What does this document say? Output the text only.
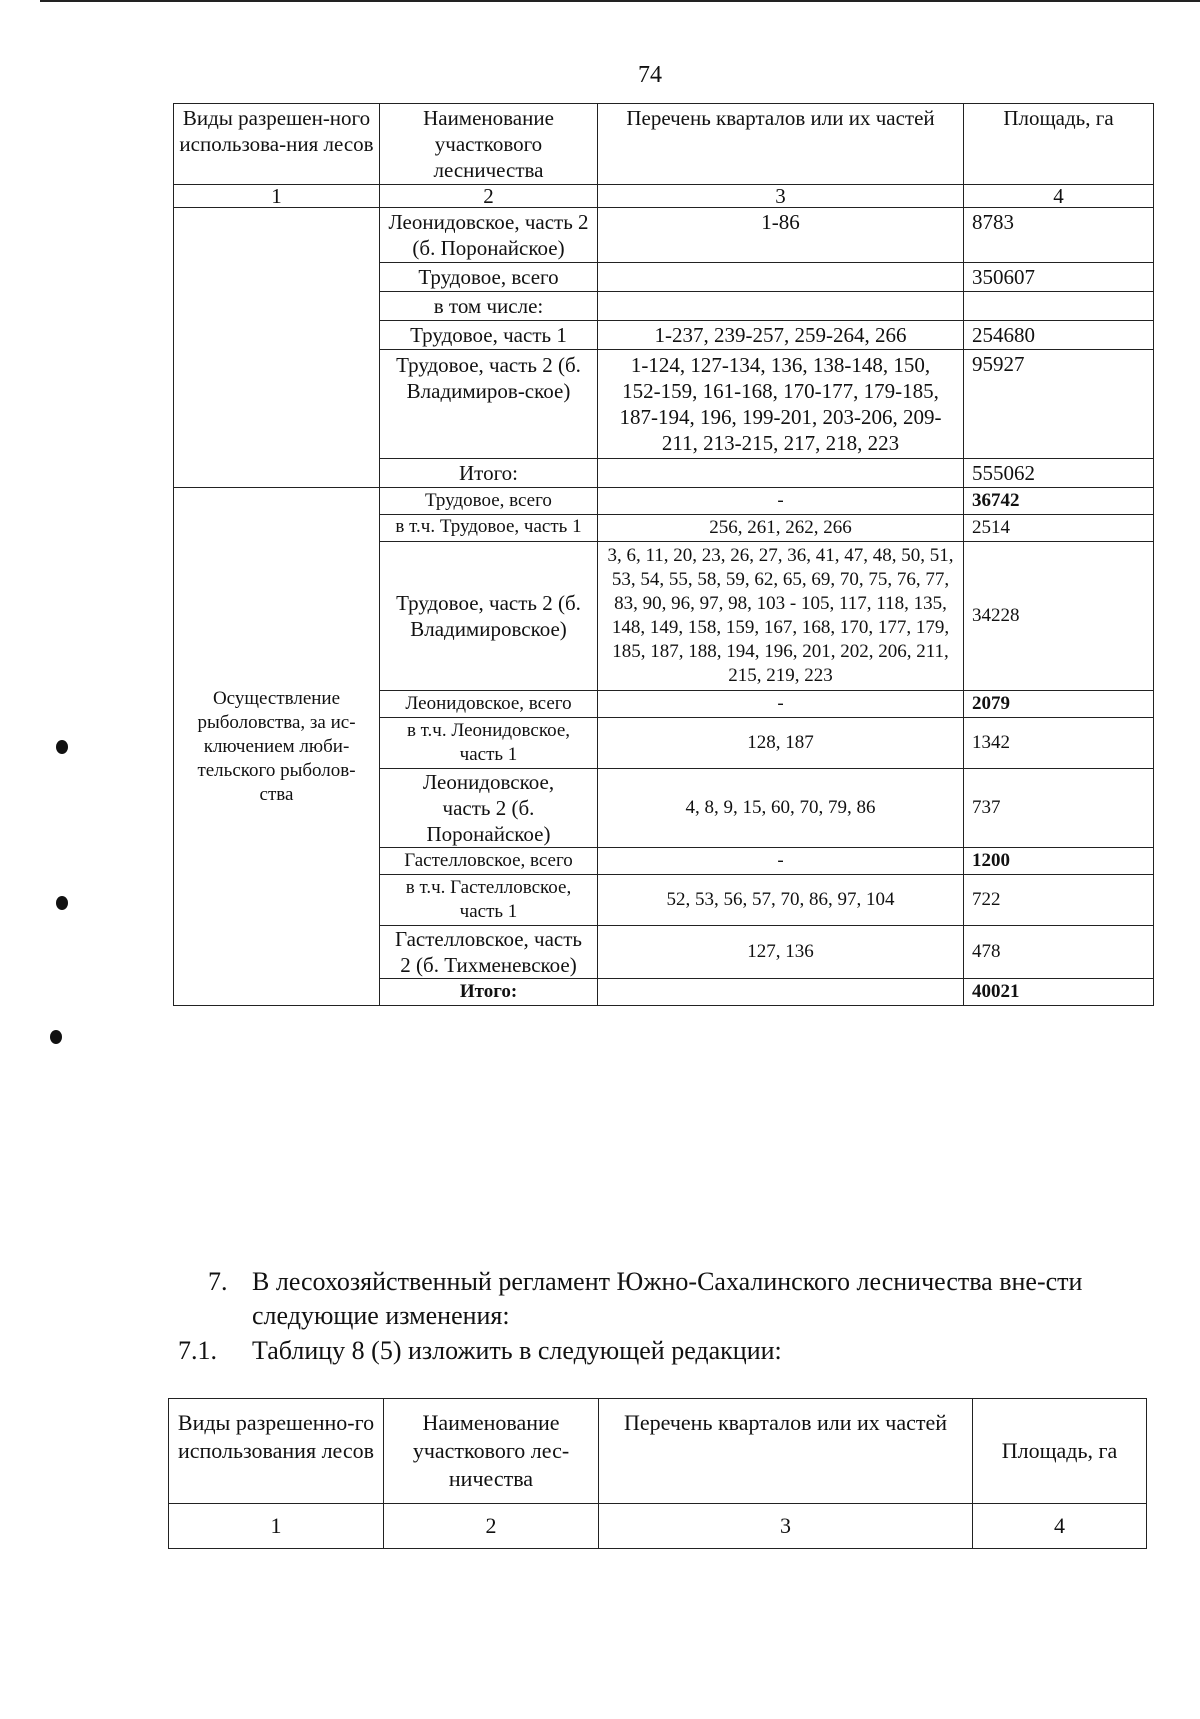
74
Виды разрешен-ного использова-ния лесов	Наименование участкового лесничества	Перечень кварталов или их частей	Площадь, га
1	2	3	4
	Леонидовское, часть 2 (б. Поронайское)	1-86	8783
	Трудовое, всего		350607
	в том числе:		
	Трудовое, часть 1	1-237, 239-257, 259-264, 266	254680
	Трудовое, часть 2 (б. Владимиров-ское)	1-124, 127-134, 136, 138-148, 150, 152-159, 161-168, 170-177, 179-185, 187-194, 196, 199-201, 203-206, 209-211, 213-215, 217, 218, 223	95927
	Итого:		555062
Осуществление рыболовства, за ис-ключением люби-тельского рыболов-ства	Трудовое, всего	-	36742
	в т.ч. Трудовое, часть 1	256, 261, 262, 266	2514
	Трудовое, часть 2 (б. Владимировское)	3, 6, 11, 20, 23, 26, 27, 36, 41, 47, 48, 50, 51, 53, 54, 55, 58, 59, 62, 65, 69, 70, 75, 76, 77, 83, 90, 96, 97, 98, 103 - 105, 117, 118, 135, 148, 149, 158, 159, 167, 168, 170, 177, 179, 185, 187, 188, 194, 196, 201, 202, 206, 211, 215, 219, 223	34228
	Леонидовское, всего	-	2079
	в т.ч. Леонидовское, часть 1	128, 187	1342
	Леонидовское, часть 2 (б. Поронайское)	4, 8, 9, 15, 60, 70, 79, 86	737
	Гастелловское, всего	-	1200
	в т.ч. Гастелловское, часть 1	52, 53, 56, 57, 70, 86, 97, 104	722
	Гастелловское, часть 2 (б. Тихменевское)	127, 136	478
	Итого:		40021
7. В лесохозяйственный регламент Южно-Сахалинского лесничества вне-сти следующие изменения:
7.1. Таблицу 8 (5) изложить в следующей редакции:
Виды разрешенно-го использования лесов	Наименование участкового лес-ничества	Перечень кварталов или их частей	Площадь, га
1	2	3	4
